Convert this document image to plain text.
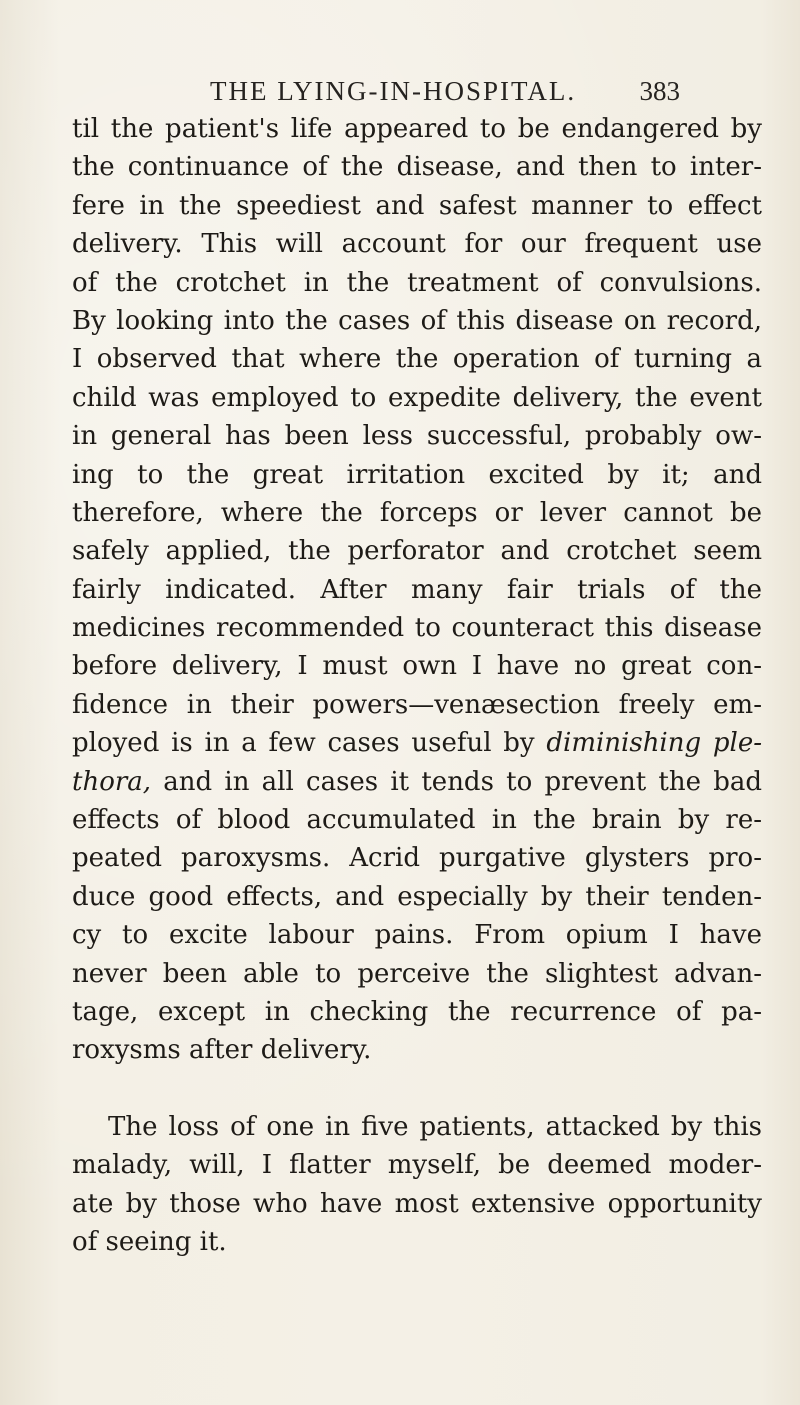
THE LYING-IN-HOSPITAL. 383
til the patient's life appeared to be endangered by
the continuance of the disease, and then to inter-
fere in the speediest and safest manner to effect
delivery. This will account for our frequent use
of the crotchet in the treatment of convulsions.
By looking into the cases of this disease on record,
I observed that where the operation of turning a
child was employed to expedite delivery, the event
in general has been less successful, probably ow-
ing to the great irritation excited by it; and
therefore, where the forceps or lever cannot be
safely applied, the perforator and crotchet seem
fairly indicated. After many fair trials of the
medicines recommended to counteract this disease
before delivery, I must own I have no great con-
fidence in their powers—venæsection freely em-
ployed is in a few cases useful by diminishing ple-
thora, and in all cases it tends to prevent the bad
effects of blood accumulated in the brain by re-
peated paroxysms. Acrid purgative glysters pro-
duce good effects, and especially by their tenden-
cy to excite labour pains. From opium I have
never been able to perceive the slightest advan-
tage, except in checking the recurrence of pa-
roxysms after delivery.
The loss of one in five patients, attacked by this
malady, will, I flatter myself, be deemed moder-
ate by those who have most extensive opportunity
of seeing it.
